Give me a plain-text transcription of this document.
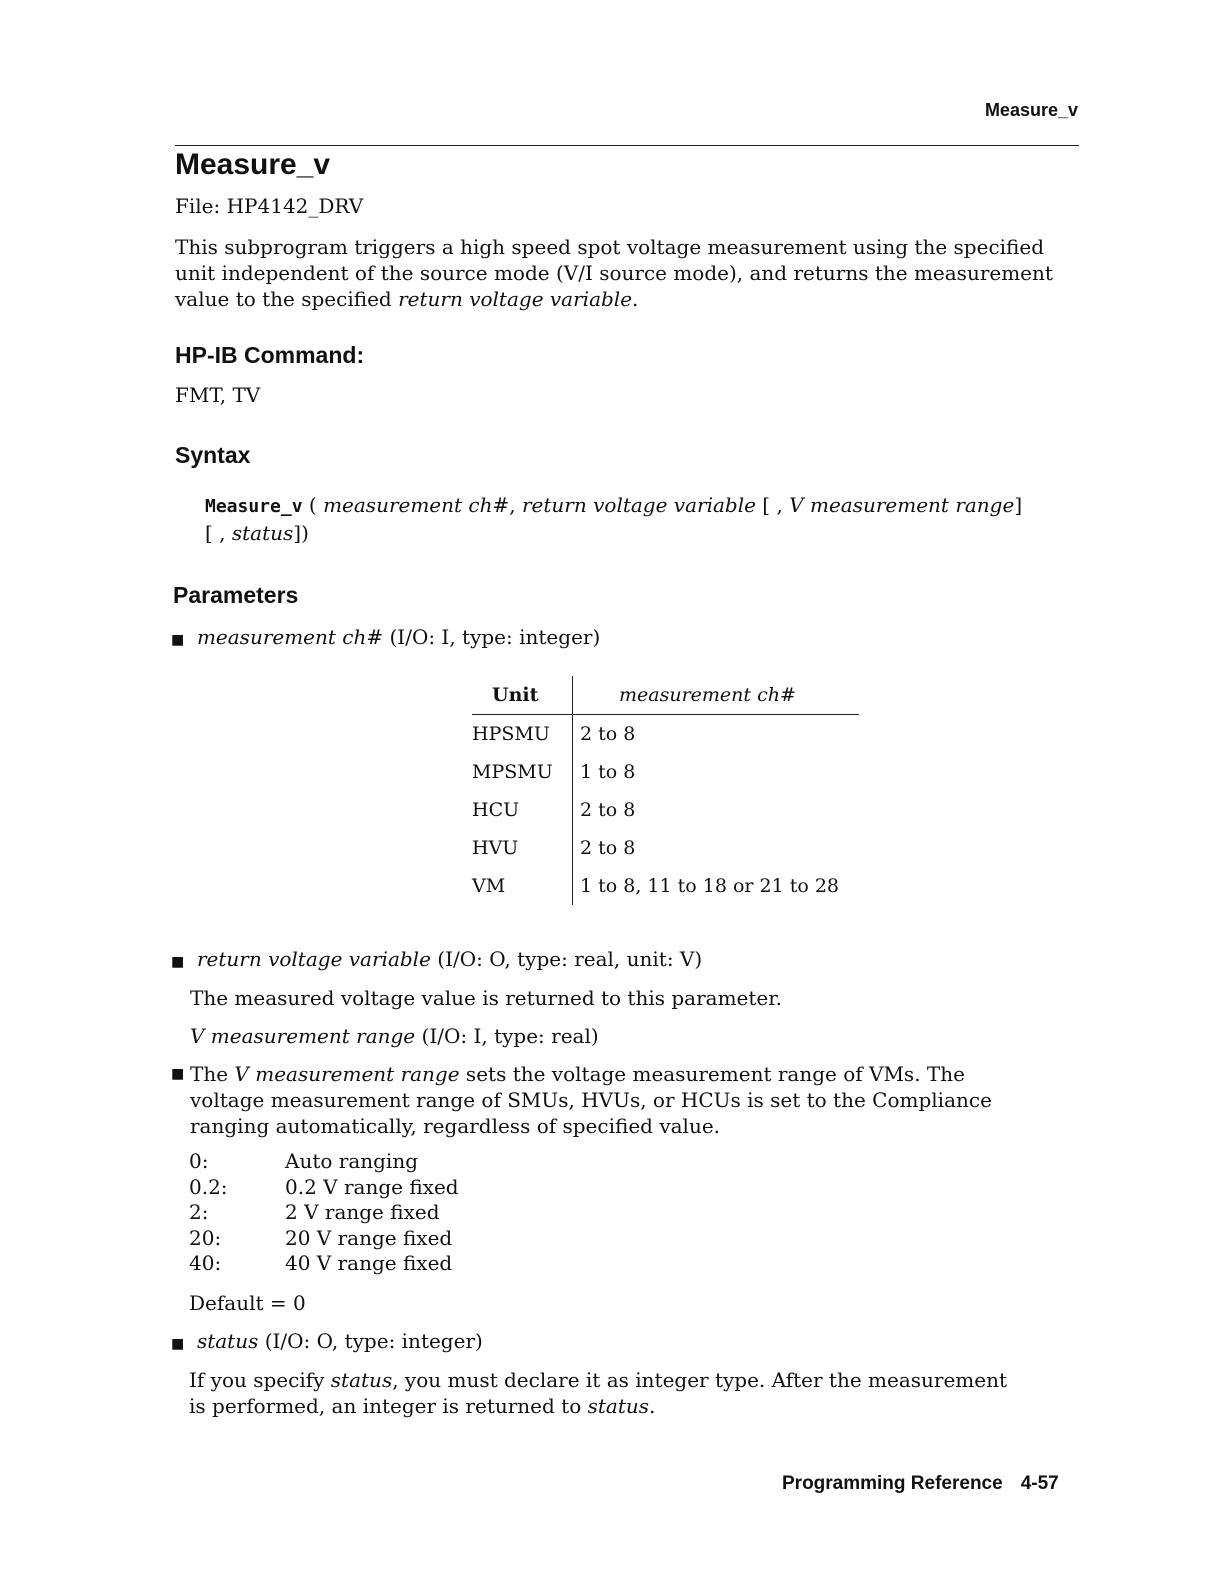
Measure_v
Measure_v
File: HP4142_DRV
This subprogram triggers a high speed spot voltage measurement using the specified unit independent of the source mode (V/I source mode), and returns the measurement value to the specified return voltage variable.
HP-IB Command:
FMT, TV
Syntax
Measure_v ( measurement ch#, return voltage variable [ , V measurement range]
[ , status])
Parameters
■ measurement ch# (I/O: I, type: integer)
Unit	measurement ch#
HPSMU	2 to 8
MPSMU	1 to 8
HCU	2 to 8
HVU	2 to 8
VM	1 to 8, 11 to 18 or 21 to 28
■ return voltage variable (I/O: O, type: real, unit: V)
The measured voltage value is returned to this parameter.
V measurement range (I/O: I, type: real)
■ The V measurement range sets the voltage measurement range of VMs. The voltage measurement range of SMUs, HVUs, or HCUs is set to the Compliance ranging automatically, regardless of specified value.
0:	Auto ranging
0.2:	0.2 V range fixed
2:	2 V range fixed
20:	20 V range fixed
40:	40 V range fixed
Default = 0
■ status (I/O: O, type: integer)
If you specify status, you must declare it as integer type. After the measurement is performed, an integer is returned to status.
Programming Reference 4-57
